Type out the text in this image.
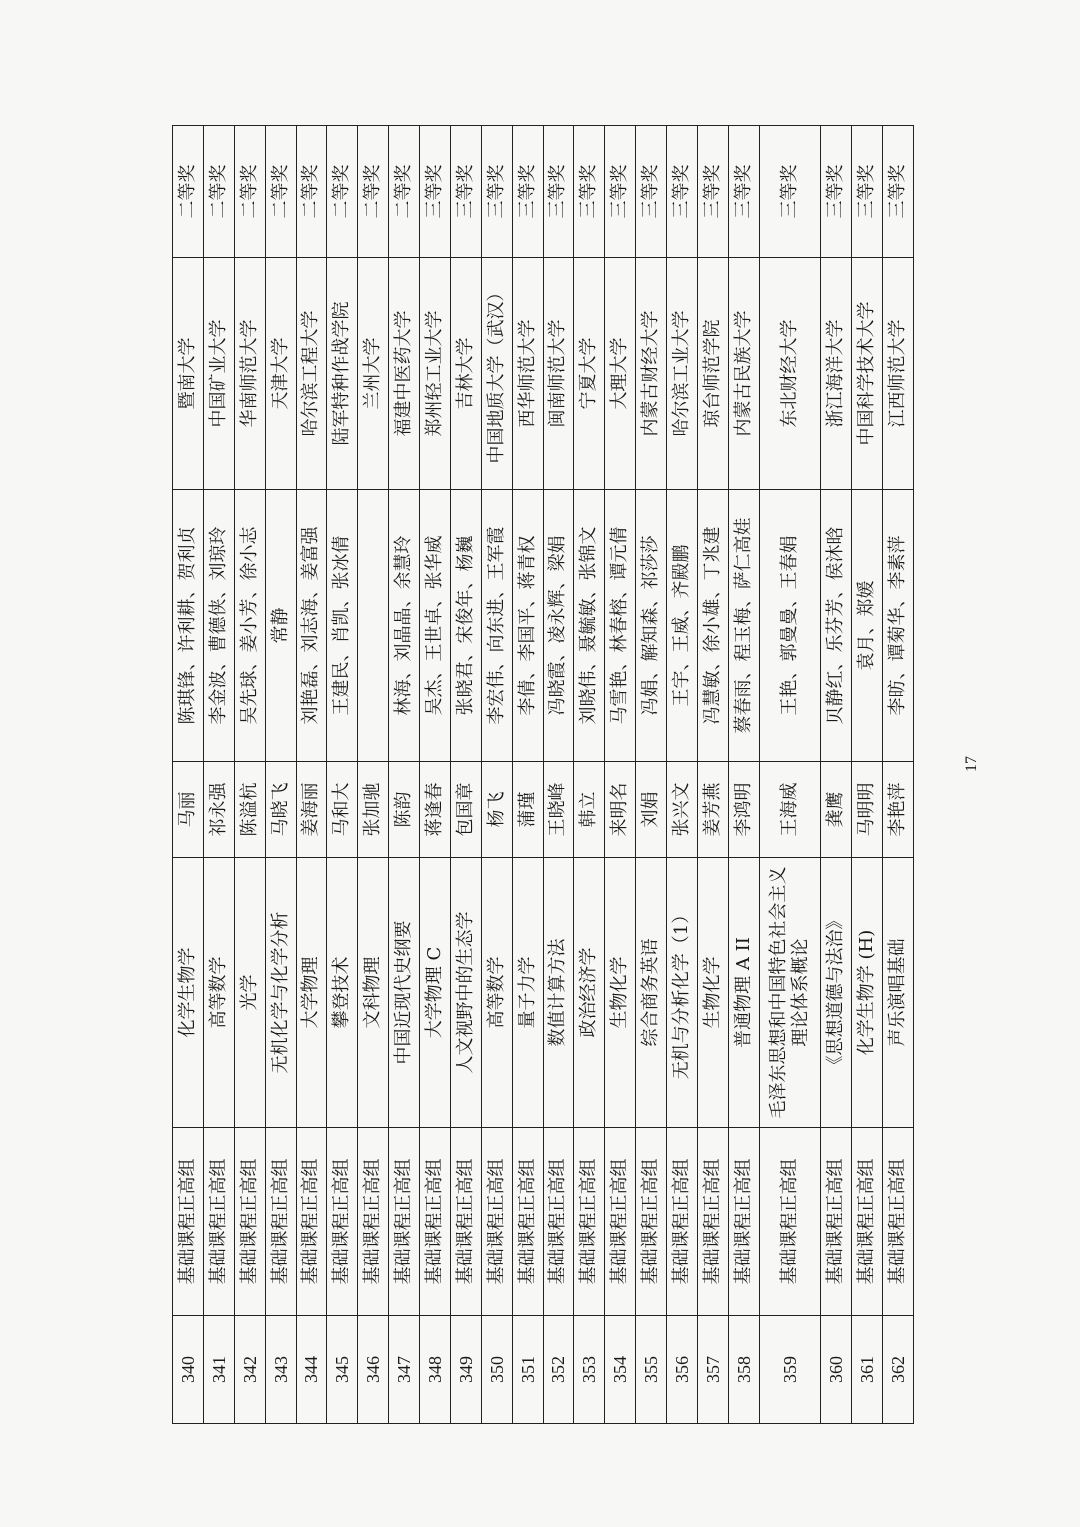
340	基础课程正高组	化学生物学	马丽	陈琪锋、许利耕、贺利贞	暨南大学	二等奖
341	基础课程正高组	高等数学	祁永强	李金波、曹德侠、刘琼玲	中国矿业大学	二等奖
342	基础课程正高组	光学	陈溢杭	吴先球、姜小芳、徐小志	华南师范大学	二等奖
343	基础课程正高组	无机化学与化学分析	马晓飞	常静	天津大学	二等奖
344	基础课程正高组	大学物理	姜海丽	刘艳磊、刘志海、姜富强	哈尔滨工程大学	二等奖
345	基础课程正高组	攀登技术	马和大	王建民、肖凯、张冰倩	陆军特种作战学院	二等奖
346	基础课程正高组	文科物理	张加驰		兰州大学	二等奖
347	基础课程正高组	中国近现代史纲要	陈韵	林海、刘晶晶、余慧玲	福建中医药大学	二等奖
348	基础课程正高组	大学物理 C	蒋逢春	吴杰、王世卓、张华威	郑州轻工业大学	三等奖
349	基础课程正高组	人文视野中的生态学	包国章	张晓君、宋俊年、杨巍	吉林大学	三等奖
350	基础课程正高组	高等数学	杨飞	李宏伟、向东进、王军霞	中国地质大学（武汉）	三等奖
351	基础课程正高组	量子力学	蒲瑾	李倩、李国平、蒋青权	西华师范大学	三等奖
352	基础课程正高组	数值计算方法	王晓峰	冯晓霞、凌永辉、梁娟	闽南师范大学	三等奖
353	基础课程正高组	政治经济学	韩立	刘晓伟、聂毓敏、张锦文	宁夏大学	三等奖
354	基础课程正高组	生物化学	来明名	马雪艳、林春榕、谭元倩	大理大学	三等奖
355	基础课程正高组	综合商务英语	刘娟	冯娟、解知森、祁莎莎	内蒙古财经大学	三等奖
356	基础课程正高组	无机与分析化学（1）	张兴文	王宇、王威、齐殿鹏	哈尔滨工业大学	三等奖
357	基础课程正高组	生物化学	姜芳燕	冯慧敏、徐小雄、丁兆建	琼台师范学院	三等奖
358	基础课程正高组	普通物理 A II	李鸿明	蔡春雨、程玉梅、萨仁高娃	内蒙古民族大学	三等奖
359	基础课程正高组	毛泽东思想和中国特色社会主义理论体系概论	王海威	王艳、郭曼曼、王春娟	东北财经大学	三等奖
360	基础课程正高组	《思想道德与法治》	龚鹰	贝静红、乐芬芳、侯沐晗	浙江海洋大学	三等奖
361	基础课程正高组	化学生物学 (H)	马明明	袁月、郑媛	中国科学技术大学	三等奖
362	基础课程正高组	声乐演唱基础	李艳萍	李昉、谭菊华、李素萍	江西师范大学	三等奖
17
